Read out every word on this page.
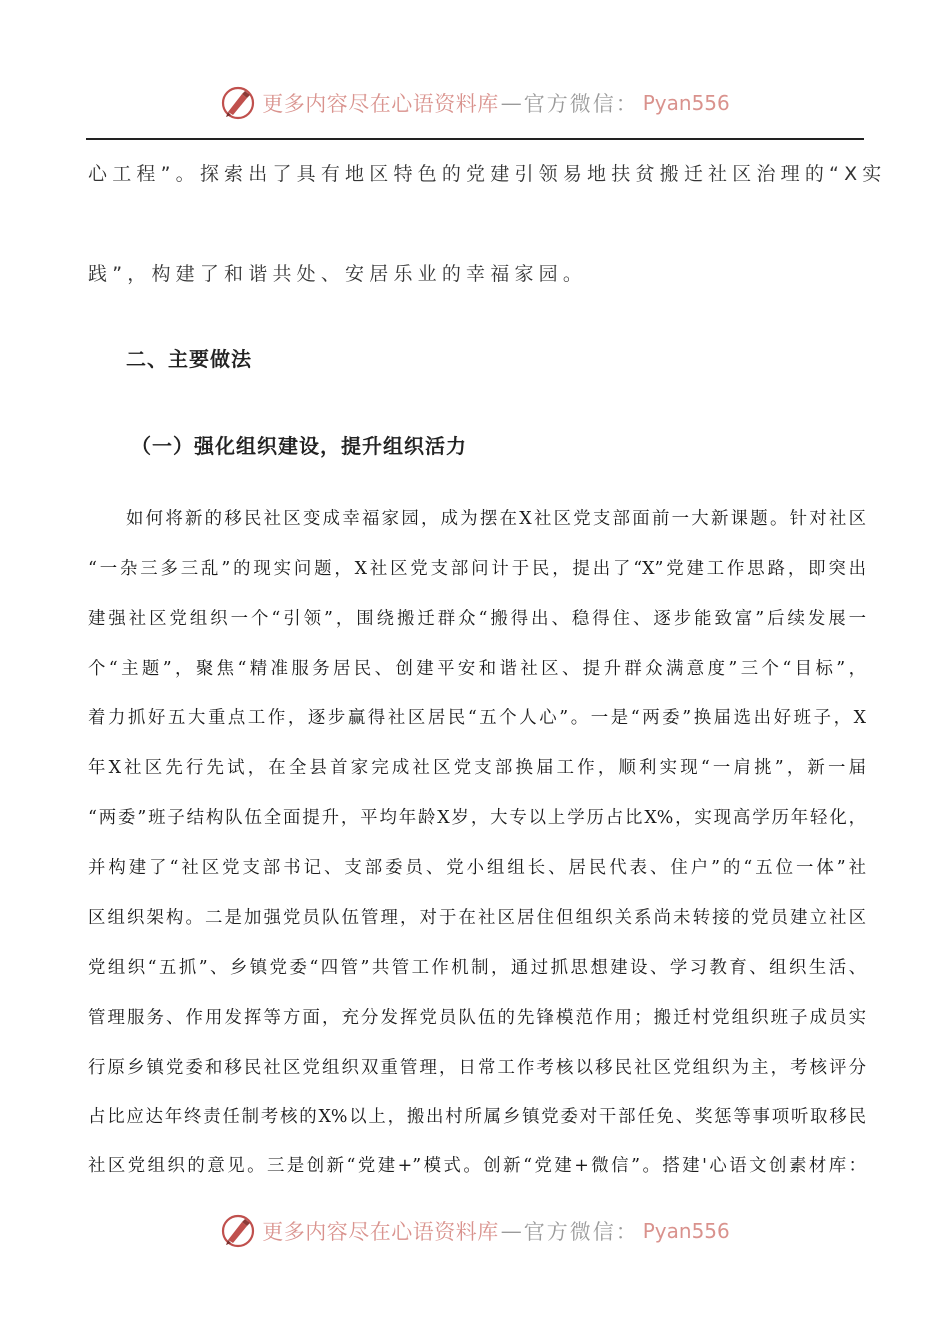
更多内容尽在心语资料库 — 官方微信： Pyan556
心工程”。探索出了具有地区特色的党建引领易地扶贫搬迁社区治理的“X实
践”，构建了和谐共处、安居乐业的幸福家园。
二、主要做法
（一）强化组织建设，提升组织活力
如何将新的移民社区变成幸福家园，成为摆在X社区党支部面前一大新课题。针对社区
“一杂三多三乱”的现实问题，X社区党支部问计于民，提出了“X”党建工作思路，即突出
建强社区党组织一个“引领”，围绕搬迁群众“搬得出、稳得住、逐步能致富”后续发展一
个“主题”，聚焦“精准服务居民、创建平安和谐社区、提升群众满意度”三个“目标”，
着力抓好五大重点工作，逐步赢得社区居民“五个人心”。一是“两委”换届选出好班子，X
年X社区先行先试，在全县首家完成社区党支部换届工作，顺利实现“一肩挑”，新一届
“两委”班子结构队伍全面提升，平均年龄X岁，大专以上学历占比X%，实现高学历年轻化，
并构建了“社区党支部书记、支部委员、党小组组长、居民代表、住户”的“五位一体”社
区组织架构。二是加强党员队伍管理，对于在社区居住但组织关系尚未转接的党员建立社区
党组织“五抓”、乡镇党委“四管”共管工作机制，通过抓思想建设、学习教育、组织生活、
管理服务、作用发挥等方面，充分发挥党员队伍的先锋模范作用；搬迁村党组织班子成员实
行原乡镇党委和移民社区党组织双重管理，日常工作考核以移民社区党组织为主，考核评分
占比应达年终责任制考核的X%以上，搬出村所属乡镇党委对干部任免、奖惩等事项听取移民
社区党组织的意见。三是创新“党建+”模式。创新“党建+微信”。搭建'心语文创素材库：
更多内容尽在心语资料库 — 官方微信： Pyan556
